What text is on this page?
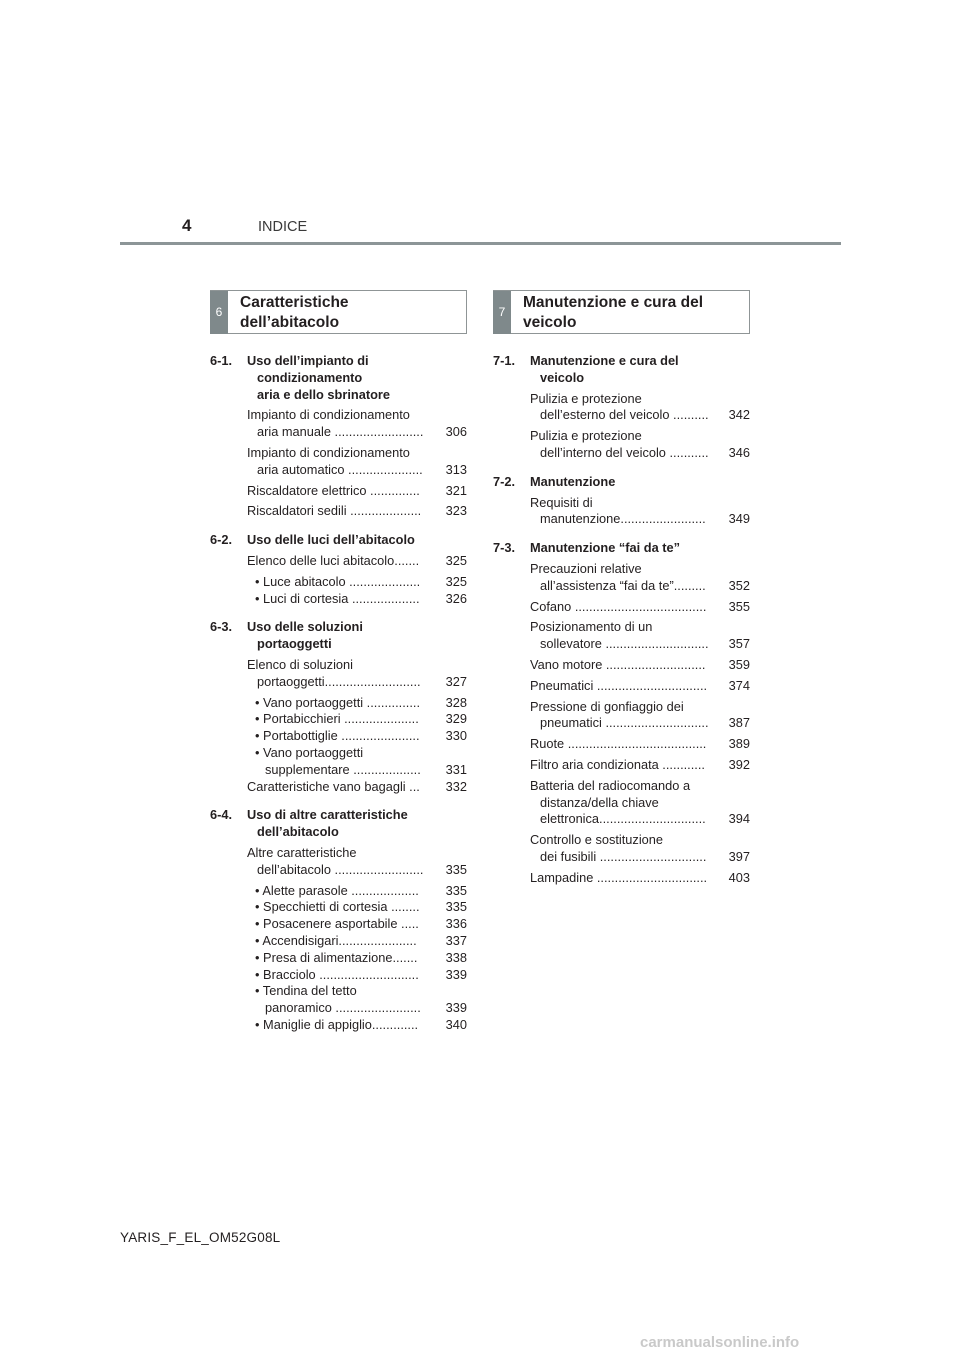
4	INDICE
6
Caratteristiche
dell’abitacolo
6-1.	Uso dell’impianto di
condizionamento
aria e dello sbrinatore
Impianto di condizionamento
aria manuale .........................	306
Impianto di condizionamento
aria automatico .....................	313
Riscaldatore elettrico ..............	321
Riscaldatori sedili ....................	323
6-2.	Uso delle luci dell’abitacolo
Elenco delle luci abitacolo.......	325
• Luce abitacolo ....................	325
• Luci di cortesia ...................	326
6-3.	Uso delle soluzioni
portaoggetti
Elenco di soluzioni
portaoggetti...........................	327
• Vano portaoggetti ...............	328
• Portabicchieri .....................	329
• Portabottiglie ......................	330
• Vano portaoggetti
supplementare ...................	331
Caratteristiche vano bagagli ...	332
6-4.	Uso di altre caratteristiche
dell’abitacolo
Altre caratteristiche
dell’abitacolo .........................	335
• Alette parasole ...................	335
• Specchietti di cortesia ........	335
• Posacenere asportabile .....	336
• Accendisigari......................	337
• Presa di alimentazione.......	338
• Bracciolo ............................	339
• Tendina del tetto
panoramico ........................	339
• Maniglie di appiglio.............	340
7
Manutenzione e cura del
veicolo
7-1.	Manutenzione e cura del
veicolo
Pulizia e protezione
dell’esterno del veicolo ..........	342
Pulizia e protezione
dell’interno del veicolo ...........	346
7-2.	Manutenzione
Requisiti di
manutenzione........................	349
7-3.	Manutenzione “fai da te”
Precauzioni relative
all’assistenza “fai da te”.........	352
Cofano .....................................	355
Posizionamento di un
sollevatore .............................	357
Vano motore ............................	359
Pneumatici ...............................	374
Pressione di gonfiaggio dei
pneumatici .............................	387
Ruote .......................................	389
Filtro aria condizionata ............	392
Batteria del radiocomando a
distanza/della chiave
elettronica..............................	394
Controllo e sostituzione
dei fusibili ..............................	397
Lampadine ...............................	403
YARIS_F_EL_OM52G08L
carmanualsonline.info
